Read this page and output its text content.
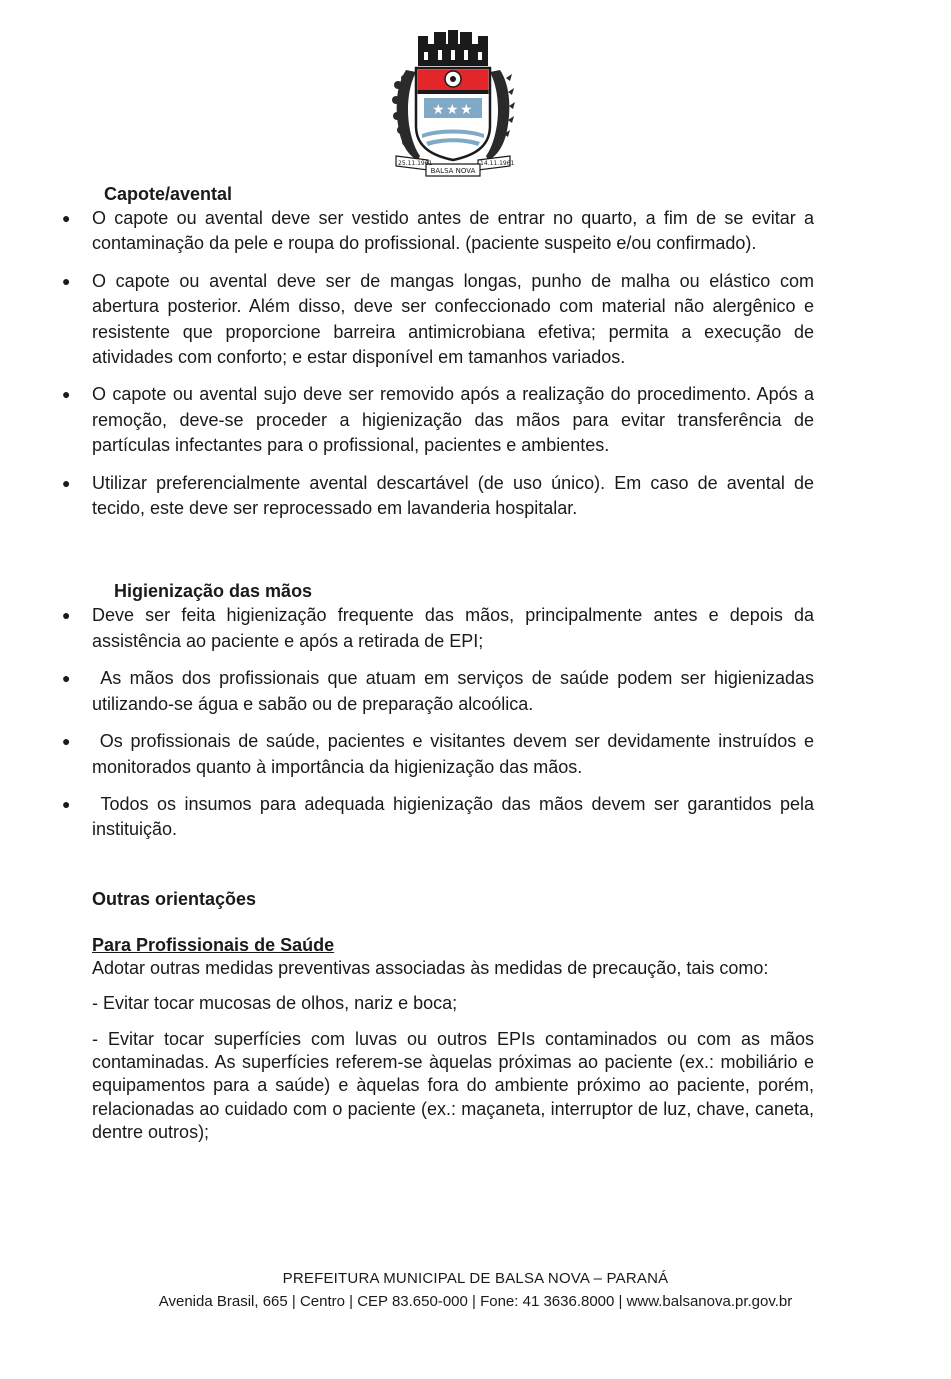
★ ★ ★
25.11.1961	14.11.1961
BALSA NOVA
Capote/avental
● O capote ou avental deve ser vestido antes de entrar no quarto, a fim de se evitar a contaminação da pele e roupa do profissional. (paciente suspeito e/ou confirmado).
● O capote ou avental deve ser de mangas longas, punho de malha ou elástico com abertura posterior. Além disso, deve ser confeccionado com material não alergênico e resistente que proporcione barreira antimicrobiana efetiva; permita a execução de atividades com conforto; e estar disponível em tamanhos variados.
● O capote ou avental sujo deve ser removido após a realização do procedimento. Após a remoção, deve-se proceder a higienização das mãos para evitar transferência de partículas infectantes para o profissional, pacientes e ambientes.
● Utilizar preferencialmente avental descartável (de uso único). Em caso de avental de tecido, este deve ser reprocessado em lavanderia hospitalar.
Higienização das mãos
● Deve ser feita higienização frequente das mãos, principalmente antes e depois da assistência ao paciente e após a retirada de EPI;
● As mãos dos profissionais que atuam em serviços de saúde podem ser higienizadas utilizando-se água e sabão ou de preparação alcoólica.
● Os profissionais de saúde, pacientes e visitantes devem ser devidamente instruídos e monitorados quanto à importância da higienização das mãos.
● Todos os insumos para adequada higienização das mãos devem ser garantidos pela instituição.
Outras orientações
Para Profissionais de Saúde

Adotar outras medidas preventivas associadas às medidas de precaução, tais como:

- Evitar tocar mucosas de olhos, nariz e boca;

- Evitar tocar superfícies com luvas ou outros EPIs contaminados ou com as mãos contaminadas. As superfícies referem-se àquelas próximas ao paciente (ex.: mobiliário e equipamentos para a saúde) e àquelas fora do ambiente próximo ao paciente, porém, relacionadas ao cuidado com o paciente (ex.: maçaneta, interruptor de luz, chave, caneta, dentre outros);

PREFEITURA MUNICIPAL DE BALSA NOVA – PARANÁ
Avenida Brasil, 665 | Centro | CEP 83.650-000 | Fone: 41 3636.8000 | www.balsanova.pr.gov.br
